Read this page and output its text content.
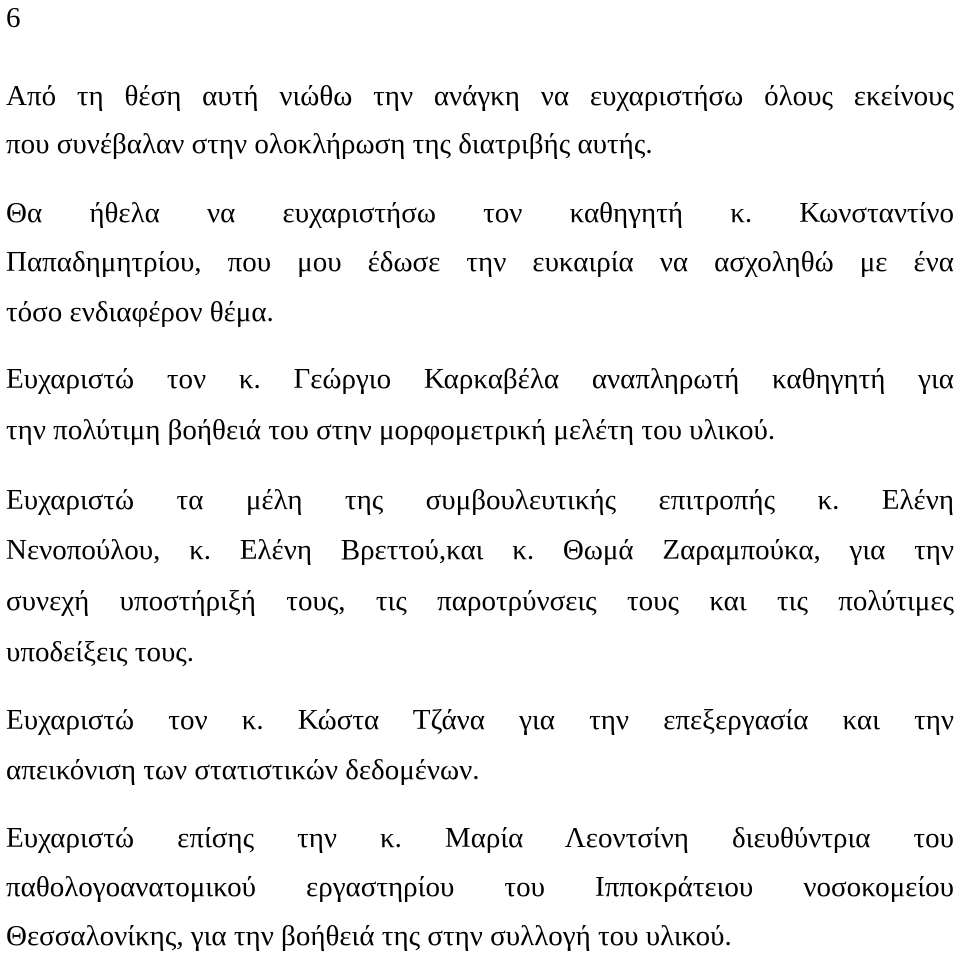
6
Από τη θέση αυτή νιώθω την ανάγκη να ευχαριστήσω όλους εκείνους
που συνέβαλαν στην ολοκλήρωση της διατριβής αυτής.
Θα ήθελα να ευχαριστήσω τον καθηγητή κ. Κωνσταντίνο
Παπαδημητρίου, που μου έδωσε την ευκαιρία να ασχοληθώ με ένα
τόσο ενδιαφέρον θέμα.
Ευχαριστώ τον κ. Γεώργιο Καρκαβέλα αναπληρωτή καθηγητή για
την πολύτιμη βοήθειά του στην μορφομετρική μελέτη του υλικού.
Ευχαριστώ τα μέλη της συμβουλευτικής επιτροπής κ. Ελένη
Νενοπούλου, κ. Ελένη Βρεττού,και κ. Θωμά Ζαραμπούκα, για την
συνεχή υποστήριξή τους, τις παροτρύνσεις τους και τις πολύτιμες
υποδείξεις τους.
Ευχαριστώ τον κ. Κώστα Τζάνα για την επεξεργασία και την
απεικόνιση των στατιστικών δεδομένων.
Ευχαριστώ επίσης την κ. Μαρία Λεοντσίνη διευθύντρια του
παθολογοανατομικού εργαστηρίου του Ιπποκράτειου νοσοκομείου
Θεσσαλονίκης, για την βοήθειά της στην συλλογή του υλικού.
